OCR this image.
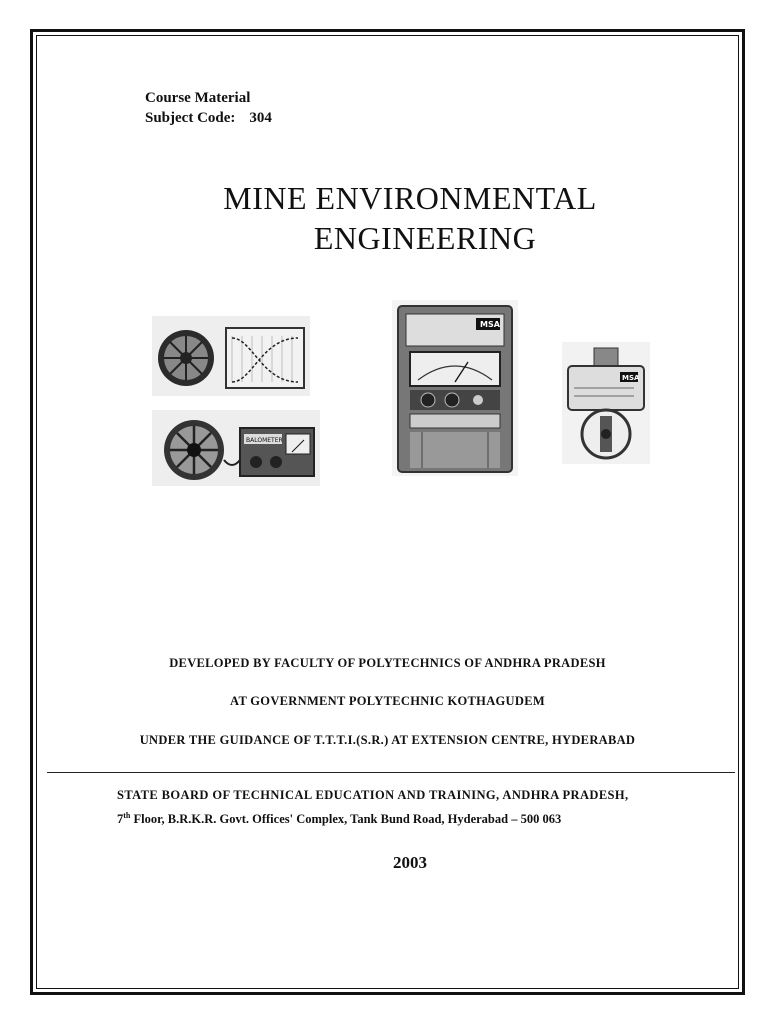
Course Material
Subject Code: 304
MINE ENVIRONMENTAL
ENGINEERING
BALOMETER
MSA
MSA
DEVELOPED BY FACULTY OF POLYTECHNICS OF ANDHRA PRADESH
AT GOVERNMENT POLYTECHNIC KOTHAGUDEM
UNDER THE GUIDANCE OF T.T.T.I.(S.R.) AT EXTENSION CENTRE, HYDERABAD
STATE BOARD OF TECHNICAL EDUCATION AND TRAINING, ANDHRA PRADESH,
7th Floor, B.R.K.R. Govt. Offices' Complex, Tank Bund Road, Hyderabad – 500 063
2003
